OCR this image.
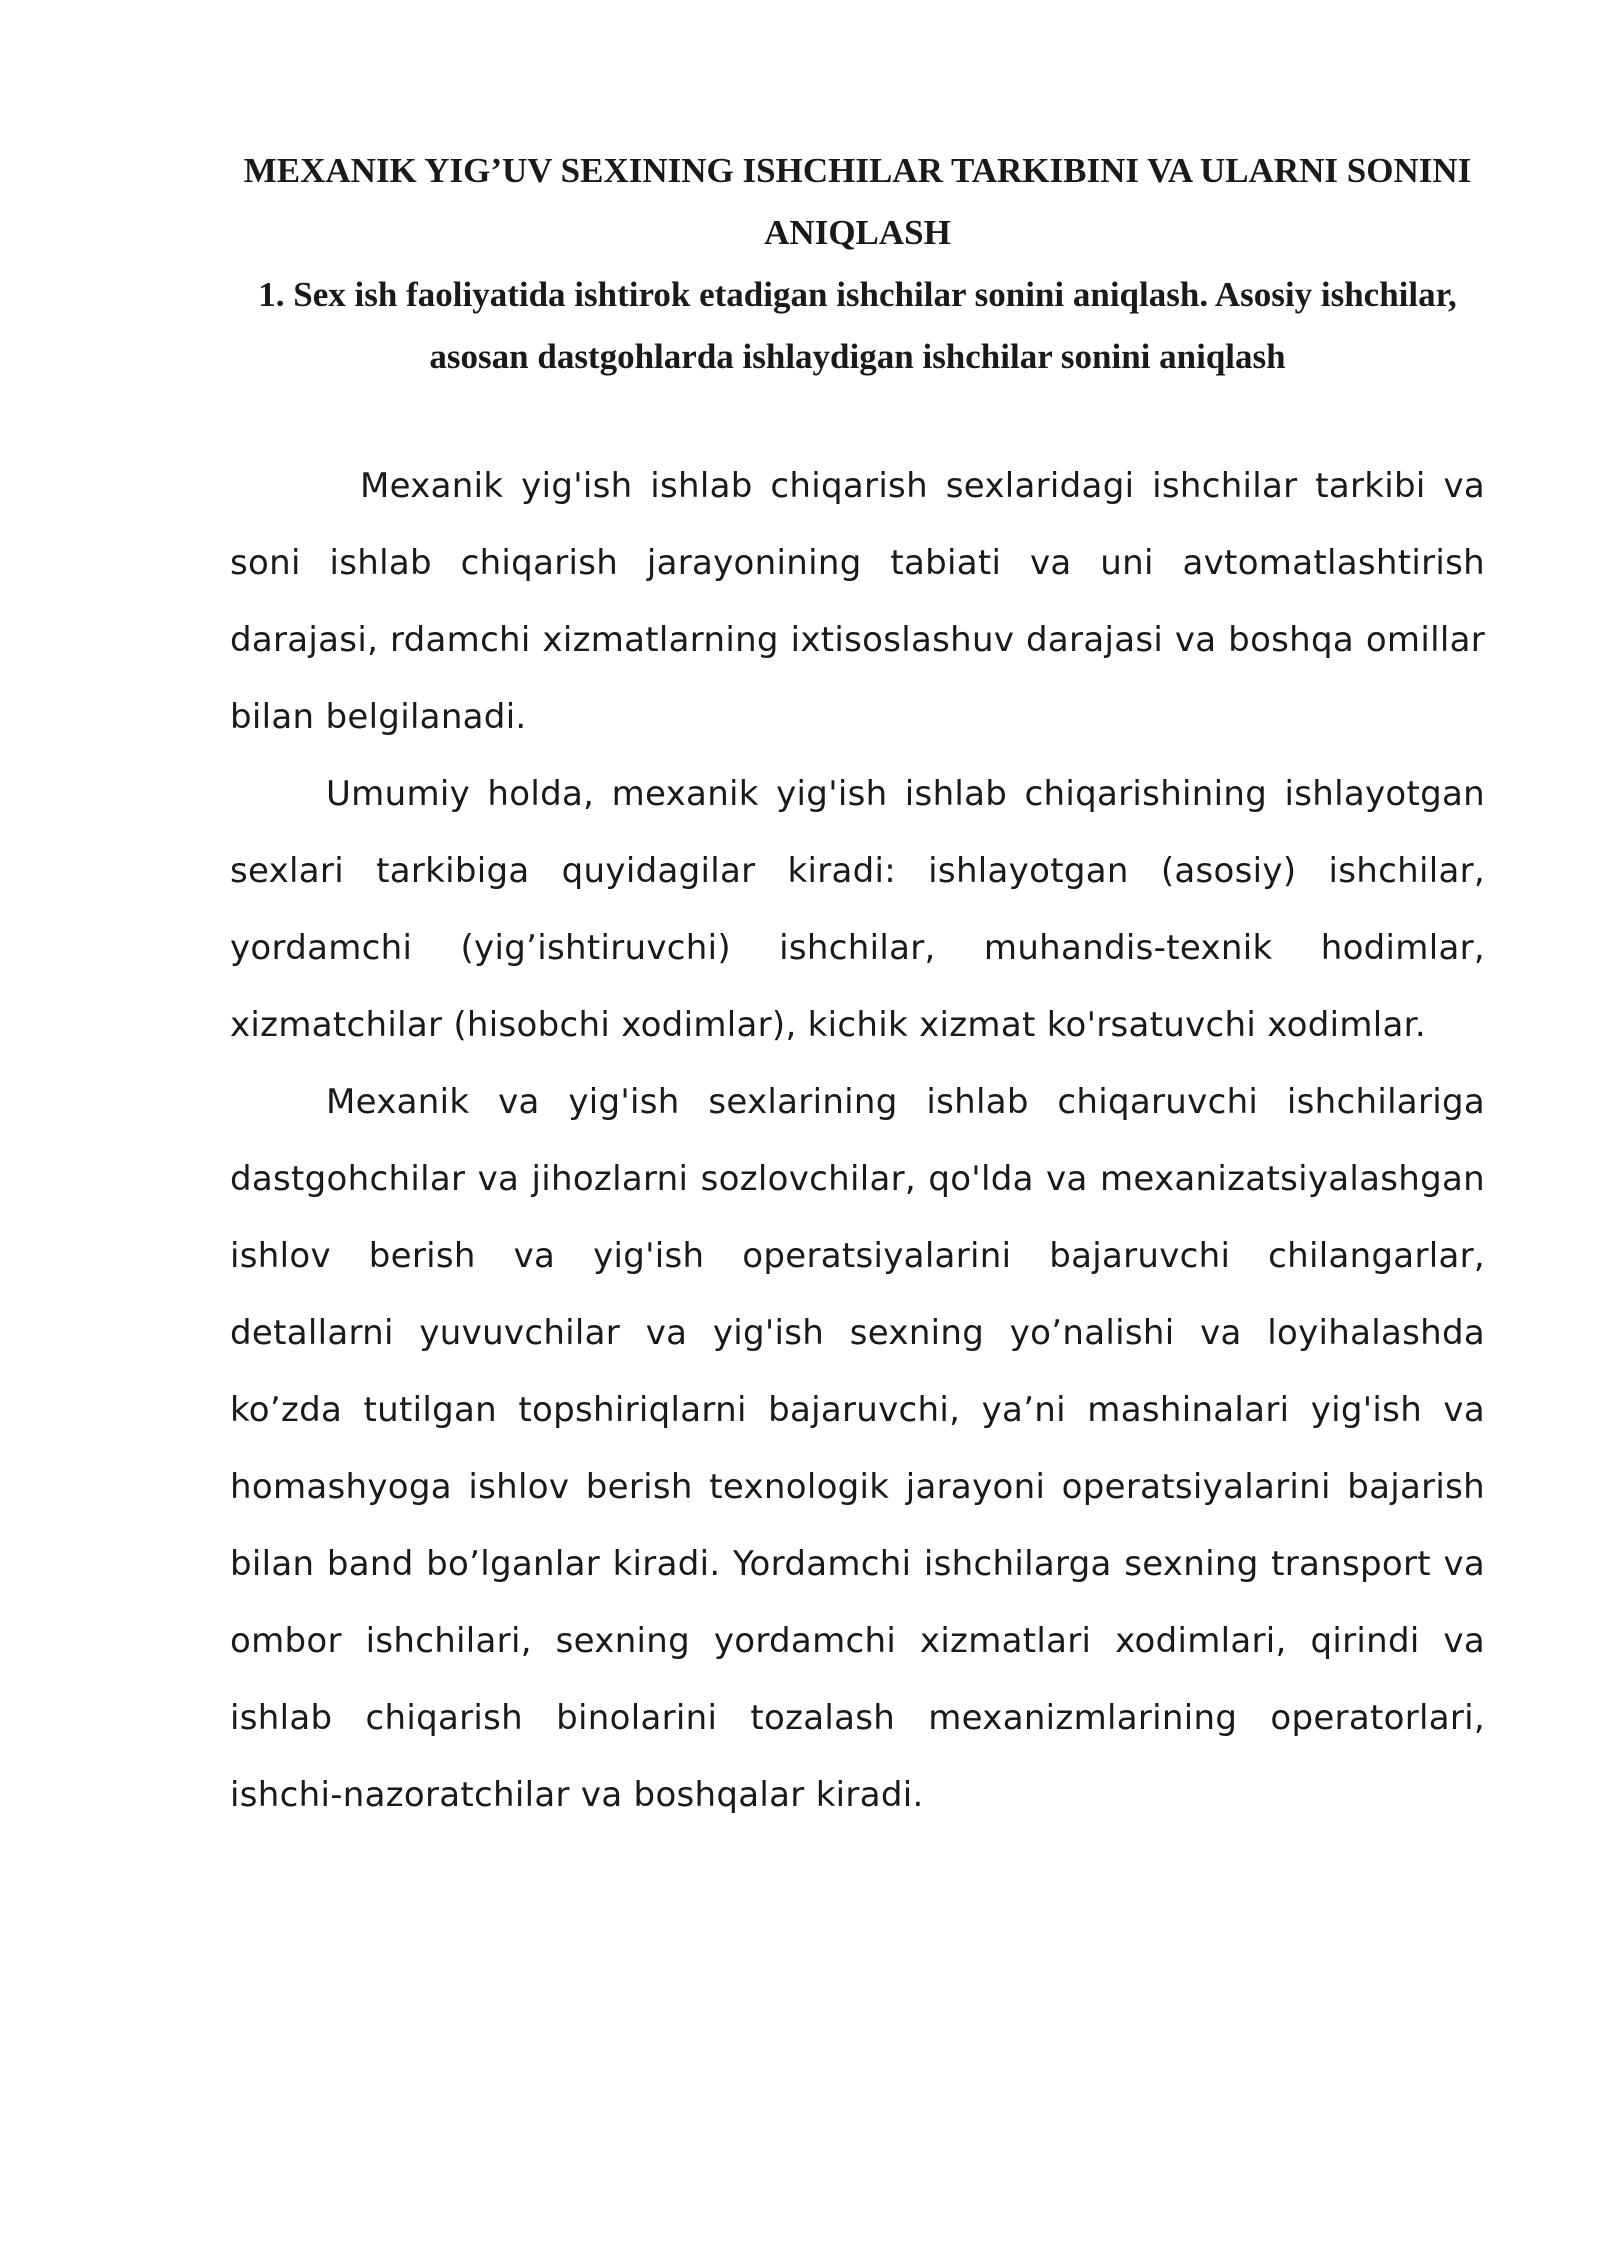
MEXANIK YIG’UV SEXINING ISHCHILAR TARKIBINI VA ULARNI SONINI ANIQLASH
1. Sex ish faoliyatida ishtirok etadigan ishchilar sonini aniqlash. Asosiy ishchilar, asosan dastgohlarda ishlaydigan ishchilar sonini aniqlash

Mexanik yig'ish ishlab chiqarish sexlaridagi ishchilar tarkibi va soni ishlab chiqarish jarayonining tabiati va uni avtomatlashtirish darajasi, rdamchi xizmatlarning ixtisoslashuv darajasi va boshqa omillar bilan belgilanadi.

Umumiy holda, mexanik yig'ish ishlab chiqarishining ishlayotgan sexlari tarkibiga quyidagilar kiradi: ishlayotgan (asosiy) ishchilar, yordamchi (yig’ishtiruvchi) ishchilar, muhandis-texnik hodimlar, xizmatchilar (hisobchi xodimlar), kichik xizmat ko'rsatuvchi xodimlar.

Mexanik va yig'ish sexlarining ishlab chiqaruvchi ishchilariga dastgohchilar va jihozlarni sozlovchilar, qo'lda va mexanizatsiyalashgan ishlov berish va yig'ish operatsiyalarini bajaruvchi chilangarlar, detallarni yuvuvchilar va yig'ish sexning yo’nalishi va loyihalashda ko’zda tutilgan topshiriqlarni bajaruvchi, ya’ni mashinalari yig'ish va homashyoga ishlov berish texnologik jarayoni operatsiyalarini bajarish bilan band bo’lganlar kiradi. Yordamchi ishchilarga sexning transport va ombor ishchilari, sexning yordamchi xizmatlari xodimlari, qirindi va ishlab chiqarish binolarini tozalash mexanizmlarining operatorlari, ishchi-nazoratchilar va boshqalar kiradi.
